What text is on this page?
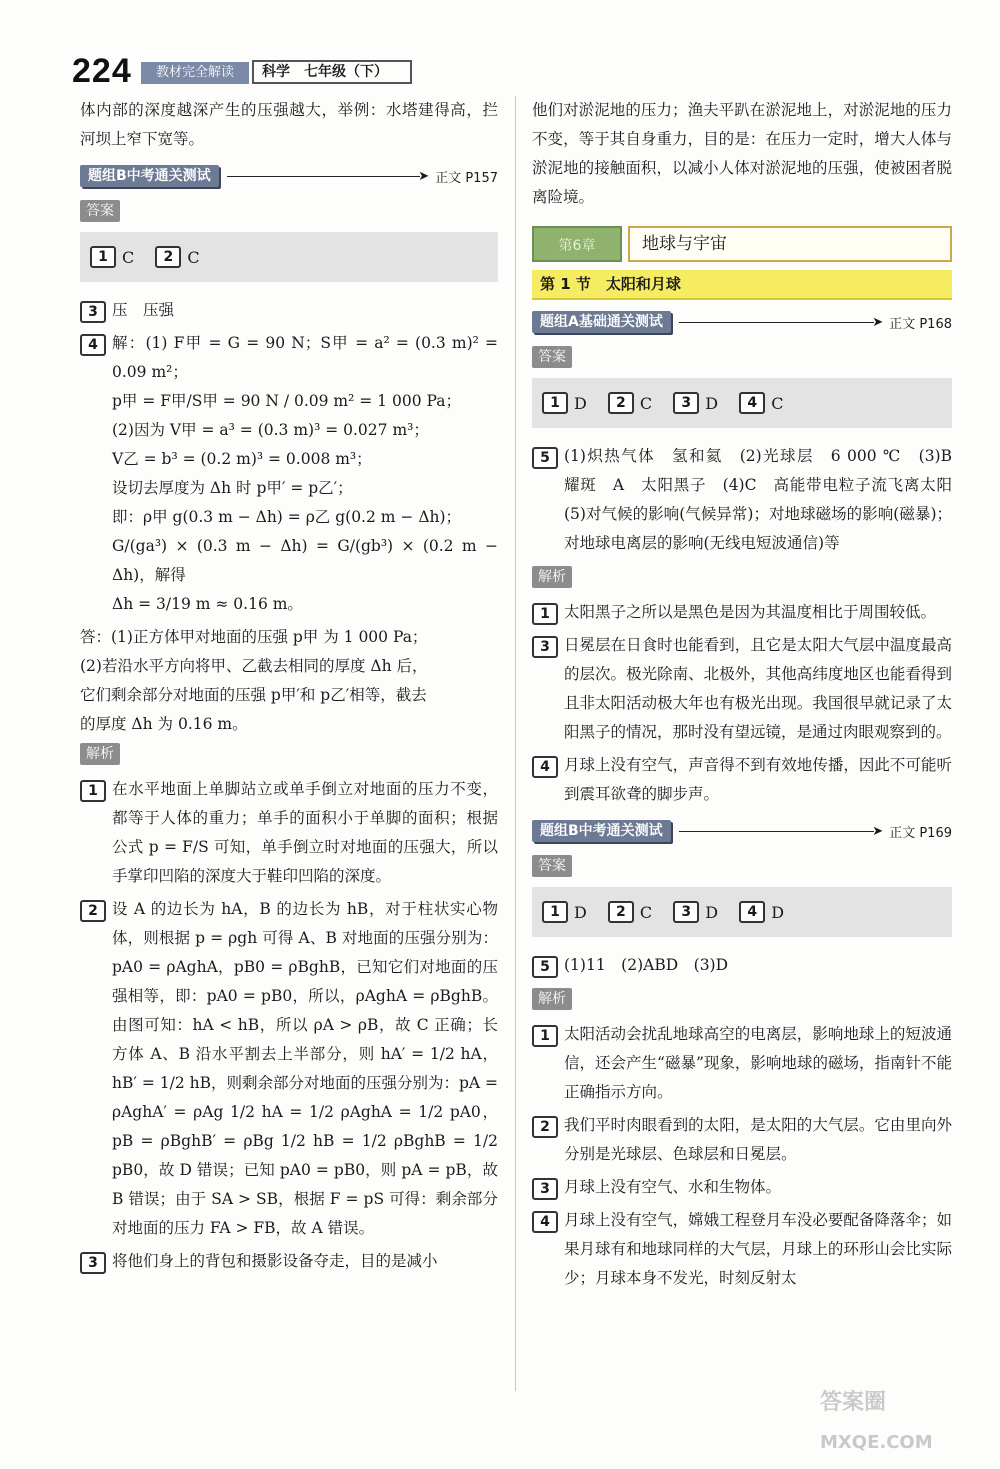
224	教材完全解读	科学　七年级（下）

体内部的深度越深产生的压强越大，举例：水塔建得高，拦河坝上窄下宽等。

题组B中考通关测试	➤ 正文 P157
答案
1 C 2 C
3 压　压强
4 解：(1) F甲 = G = 90 N；S甲 = a² = (0.3 m)² = 0.09 m²；
p甲 = F甲/S甲 = 90 N / 0.09 m² = 1 000 Pa；
(2)因为 V甲 = a³ = (0.3 m)³ = 0.027 m³；
V乙 = b³ = (0.2 m)³ = 0.008 m³；
设切去厚度为 Δh 时 p甲′ = p乙′；
即：ρ甲 g(0.3 m − Δh) = ρ乙 g(0.2 m − Δh)；
G/(ga³) × (0.3 m − Δh) = G/(gb³) × (0.2 m − Δh)，解得
Δh = 3/19 m ≈ 0.16 m。
答：(1)正方体甲对地面的压强 p甲 为 1 000 Pa；
(2)若沿水平方向将甲、乙截去相同的厚度 Δh 后，
它们剩余部分对地面的压强 p甲′和 p乙′相等，截去
的厚度 Δh 为 0.16 m。
解析
1 在水平地面上单脚站立或单手倒立对地面的压力不变，都等于人体的重力；单手的面积小于单脚的面积；根据公式 p = F/S 可知，单手倒立时对地面的压强大，所以手掌印凹陷的深度大于鞋印凹陷的深度。
2 设 A 的边长为 hA，B 的边长为 hB，对于柱状实心物体，则根据 p = ρgh 可得 A、B 对地面的压强分别为：pA0 = ρAghA，pB0 = ρBghB，已知它们对地面的压强相等，即：pA0 = pB0，所以，ρAghA = ρBghB。由图可知：hA < hB，所以 ρA > ρB，故 C 正确；长方体 A、B 沿水平割去上半部分，则 hA′ = 1/2 hA，hB′ = 1/2 hB，则剩余部分对地面的压强分别为：pA = ρAghA′ = ρAg 1/2 hA = 1/2 ρAghA = 1/2 pA0，pB = ρBghB′ = ρBg 1/2 hB = 1/2 ρBghB = 1/2 pB0，故 D 错误；已知 pA0 = pB0，则 pA = pB，故 B 错误；由于 SA > SB，根据 F = pS 可得：剩余部分对地面的压力 FA > FB，故 A 错误。
3 将他们身上的背包和摄影设备夺走，目的是减小

他们对淤泥地的压力；渔夫平趴在淤泥地上，对淤泥地的压力不变，等于其自身重力，目的是：在压力一定时，增大人体与淤泥地的接触面积，以减小人体对淤泥地的压强，使被困者脱离险境。

第6章	地球与宇宙
第 1 节　太阳和月球
题组A基础通关测试	➤ 正文 P168
答案
1 D 2 C 3 D 4 C
5 (1)炽热气体　氢和氦　(2)光球层　6 000 ℃　(3)B　耀斑　A　太阳黑子　(4)C　高能带电粒子流飞离太阳　(5)对气候的影响(气候异常)；对地球磁场的影响(磁暴)；对地球电离层的影响(无线电短波通信)等
解析
1 太阳黑子之所以是黑色是因为其温度相比于周围较低。
3 日冕层在日食时也能看到，且它是太阳大气层中温度最高的层次。极光除南、北极外，其他高纬度地区也能看得到且非太阳活动极大年也有极光出现。我国很早就记录了太阳黑子的情况，那时没有望远镜，是通过肉眼观察到的。
4 月球上没有空气，声音得不到有效地传播，因此不可能听到震耳欲聋的脚步声。
题组B中考通关测试	➤ 正文 P169
答案
1 D 2 C 3 D 4 D
5 (1)11　(2)ABD　(3)D
解析
1 太阳活动会扰乱地球高空的电离层，影响地球上的短波通信，还会产生“磁暴”现象，影响地球的磁场，指南针不能正确指示方向。
2 我们平时肉眼看到的太阳，是太阳的大气层。它由里向外分别是光球层、色球层和日冕层。
3 月球上没有空气、水和生物体。
4 月球上没有空气，嫦娥工程登月车没必要配备降落伞；如果月球有和地球同样的大气层，月球上的环形山会比实际少；月球本身不发光，时刻反射太
答案圈
MXQE.COM
